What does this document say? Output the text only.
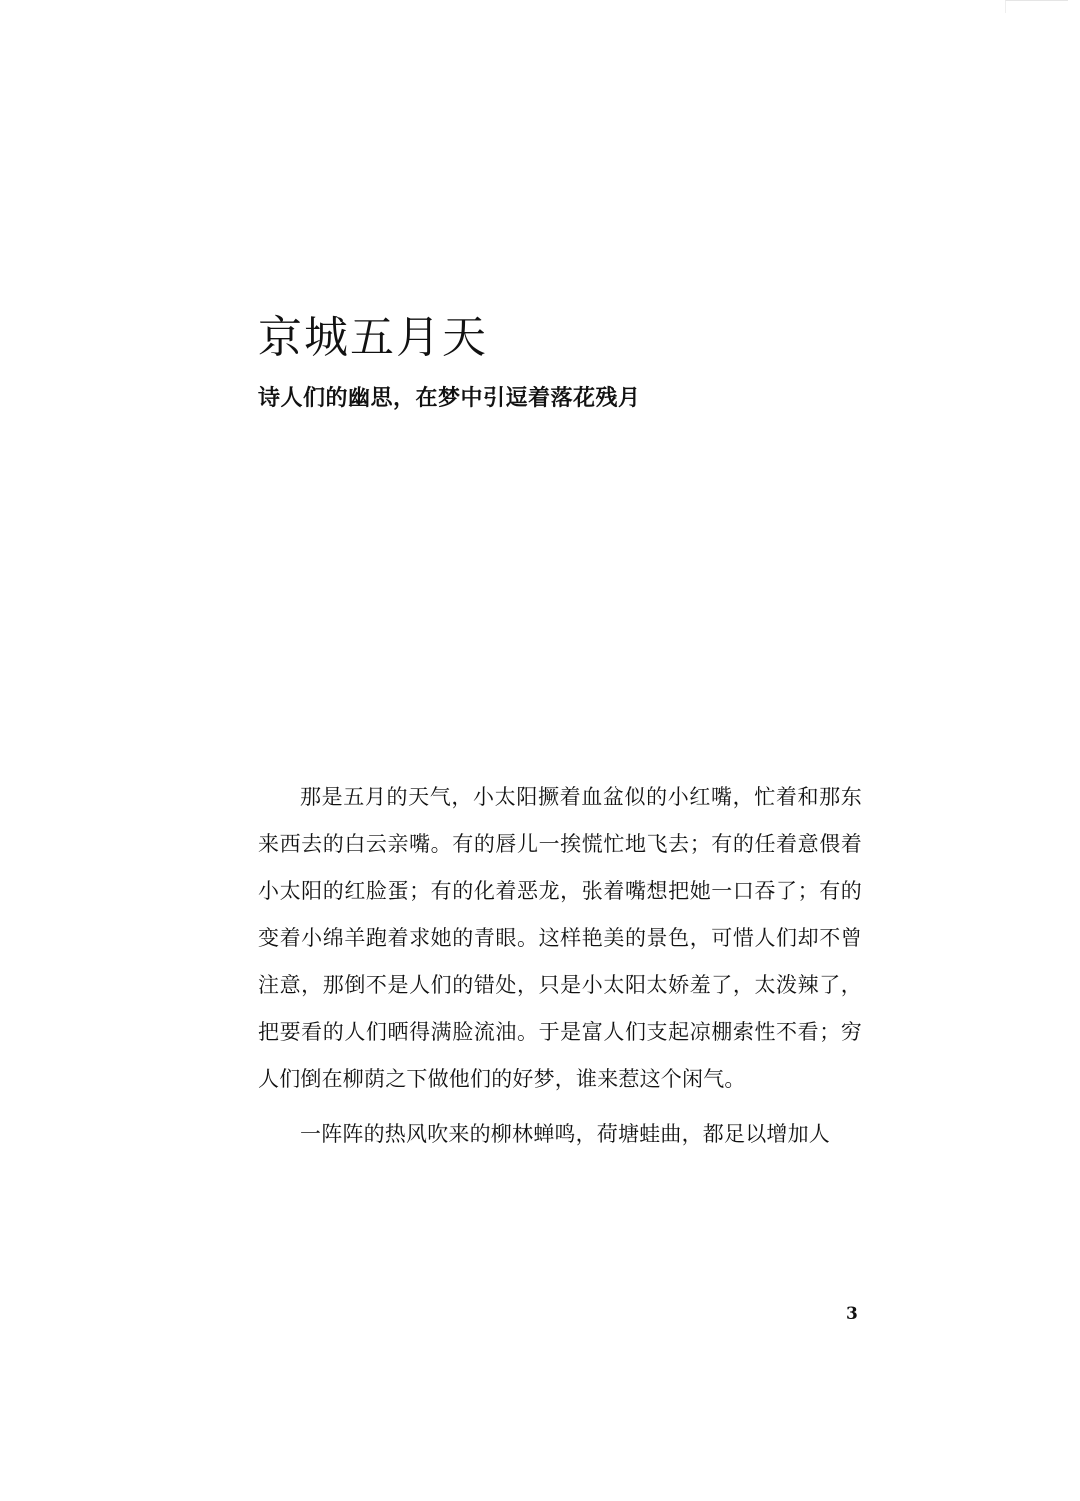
京城五月天
诗人们的幽思，在梦中引逗着落花残月

那是五月的天气，小太阳撅着血盆似的小红嘴，忙着和那东来西去的白云亲嘴。有的唇儿一挨慌忙地飞去；有的任着意偎着小太阳的红脸蛋；有的化着恶龙，张着嘴想把她一口吞了；有的变着小绵羊跑着求她的青眼。这样艳美的景色，可惜人们却不曾注意，那倒不是人们的错处，只是小太阳太娇羞了，太泼辣了，把要看的人们晒得满脸流油。于是富人们支起凉棚索性不看；穷人们倒在柳荫之下做他们的好梦，谁来惹这个闲气。

一阵阵的热风吹来的柳林蝉鸣，荷塘蛙曲，都足以增加人

3
